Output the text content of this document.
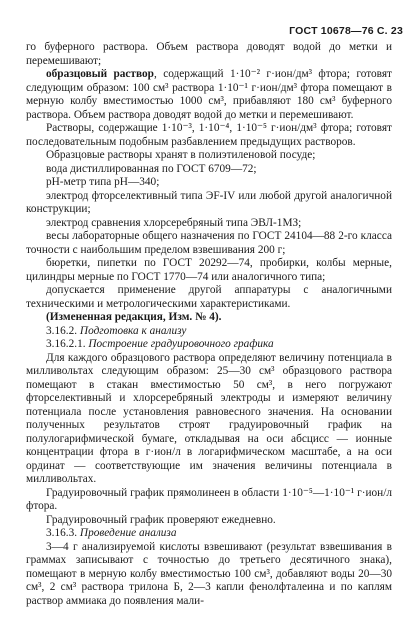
ГОСТ 10678—76 С. 23

го буферного раствора. Объем раствора доводят водой до метки и перемешивают;

образцовый раствор, содержащий 1·10⁻² г·ион/дм³ фтора; готовят следующим образом: 100 см³ раствора 1·10⁻¹ г·ион/дм³ фтора помещают в мерную колбу вместимостью 1000 см³, прибавляют 180 см³ буферного раствора. Объем раствора доводят водой до метки и перемешивают.

Растворы, содержащие 1·10⁻³, 1·10⁻⁴, 1·10⁻⁵ г·ион/дм³ фтора; готовят последовательным подобным разбавлением предыдущих растворов.

Образцовые растворы хранят в полиэтиленовой посуде;

вода дистиллированная по ГОСТ 6709—72;

pH-метр типа pH—340;

электрод фторселективный типа ЭF-IV или любой другой аналогичной конструкции;

электрод сравнения хлорсеребряный типа ЭВЛ-1МЗ;

весы лабораторные общего назначения по ГОСТ 24104—88 2-го класса точности с наибольшим пределом взвешивания 200 г;

бюретки, пипетки по ГОСТ 20292—74, пробирки, колбы мерные, цилиндры мерные по ГОСТ 1770—74 или аналогичного типа;

допускается применение другой аппаратуры с аналогичными техническими и метрологическими характеристиками.

(Измененная редакция, Изм. № 4).

3.16.2. Подготовка к анализу

3.16.2.1. Построение градуировочного графика

Для каждого образцового раствора определяют величину потенциала в милливольтах следующим образом: 25—30 см³ образцового раствора помещают в стакан вместимостью 50 см³, в него погружают фторселективный и хлорсеребряный электроды и измеряют величину потенциала после установления равновесного значения. На основании полученных результатов строят градуировочный график на полулогарифмической бумаге, откладывая на оси абсцисс — ионные концентрации фтора в г·ион/л в логарифмическом масштабе, а на оси ординат — соответствующие им значения величины потенциала в милливольтах.

Градуировочный график прямолинеен в области 1·10⁻⁵—1·10⁻¹ г·ион/л фтора.

Градуировочный график проверяют ежедневно.

3.16.3. Проведение анализа

3—4 г анализируемой кислоты взвешивают (результат взвешивания в граммах записывают с точностью до третьего десятичного знака), помещают в мерную колбу вместимостью 100 см³, добавляют воды 20—30 см³, 2 см³ раствора трилона Б, 2—3 капли фенолфталеина и по каплям раствор аммиака до появления мали-
